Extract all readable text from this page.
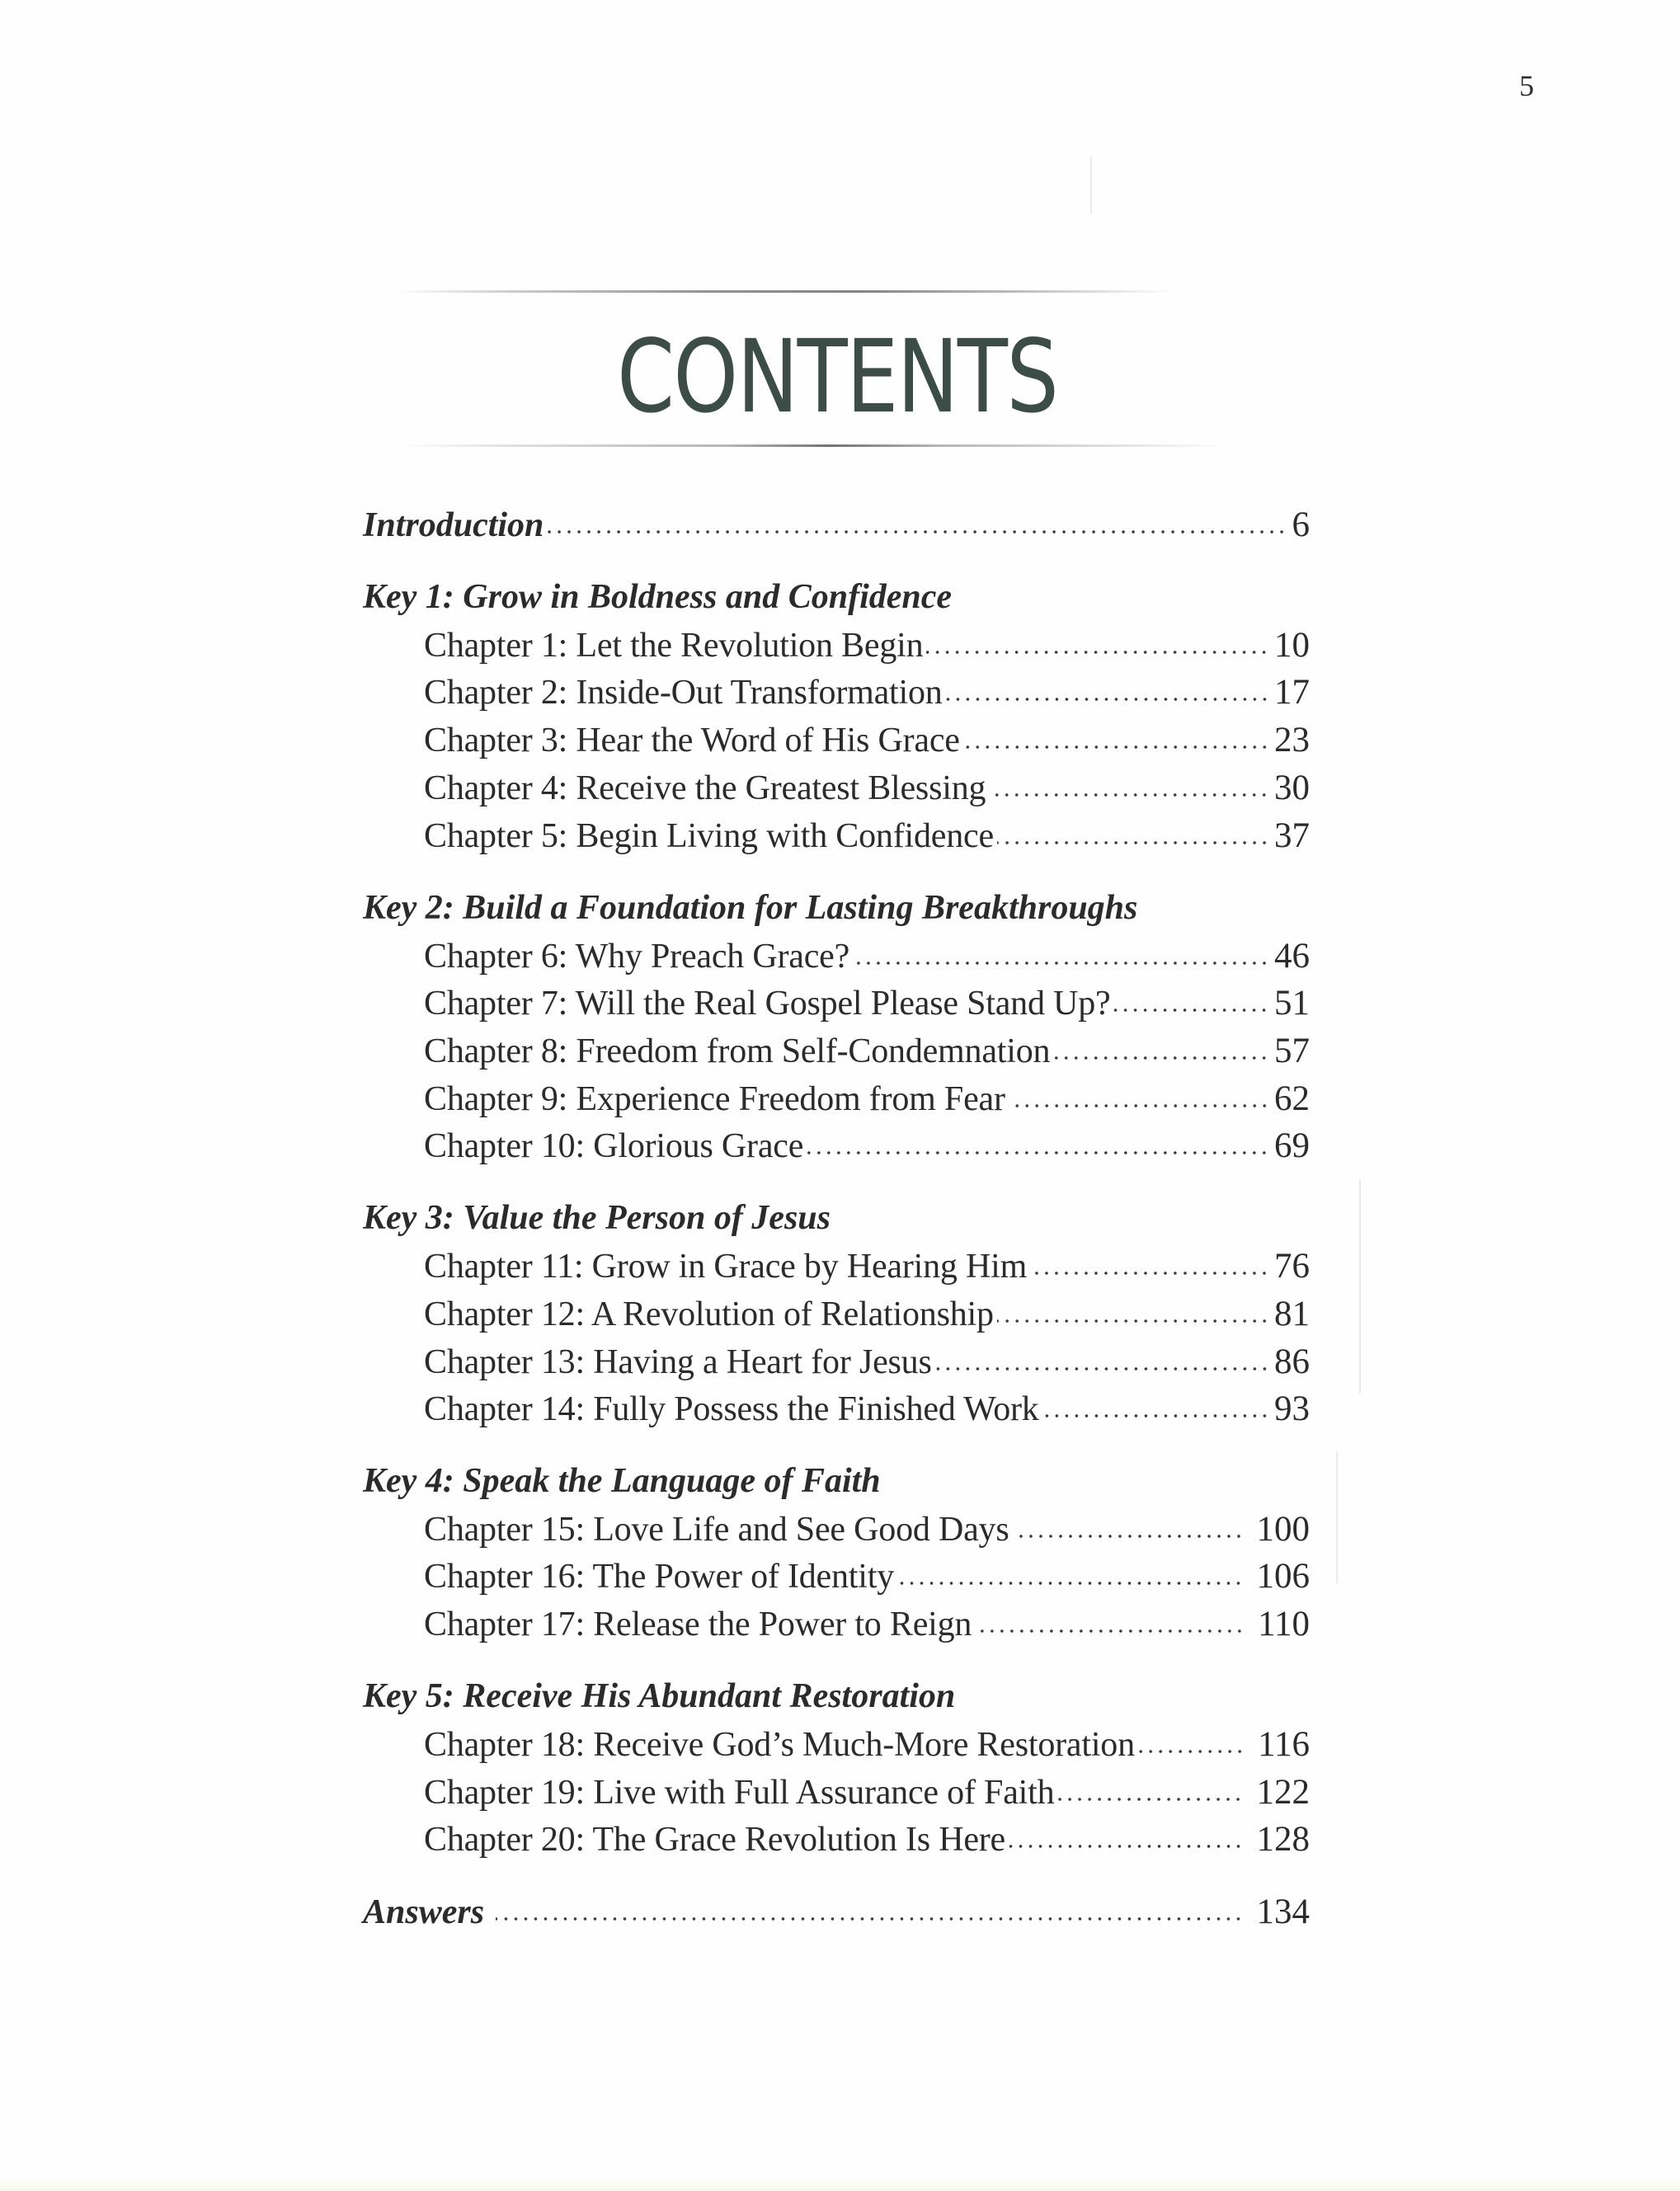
5
CONTENTS
Introduction	6
Key 1: Grow in Boldness and Confidence
Chapter 1: Let the Revolution Begin	10
Chapter 2: Inside-Out Transformation	17
Chapter 3: Hear the Word of His Grace	23
Chapter 4: Receive the Greatest Blessing	30
Chapter 5: Begin Living with Confidence	37
Key 2: Build a Foundation for Lasting Breakthroughs
Chapter 6: Why Preach Grace?	46
Chapter 7: Will the Real Gospel Please Stand Up?	51
Chapter 8: Freedom from Self-Condemnation	57
Chapter 9: Experience Freedom from Fear	62
Chapter 10: Glorious Grace	69
Key 3: Value the Person of Jesus
Chapter 11: Grow in Grace by Hearing Him	76
Chapter 12: A Revolution of Relationship	81
Chapter 13: Having a Heart for Jesus	86
Chapter 14: Fully Possess the Finished Work	93
Key 4: Speak the Language of Faith
Chapter 15: Love Life and See Good Days	100
Chapter 16: The Power of Identity	106
Chapter 17: Release the Power to Reign	110
Key 5: Receive His Abundant Restoration
Chapter 18: Receive God’s Much-More Restoration	116
Chapter 19: Live with Full Assurance of Faith	122
Chapter 20: The Grace Revolution Is Here	128
Answers	134
